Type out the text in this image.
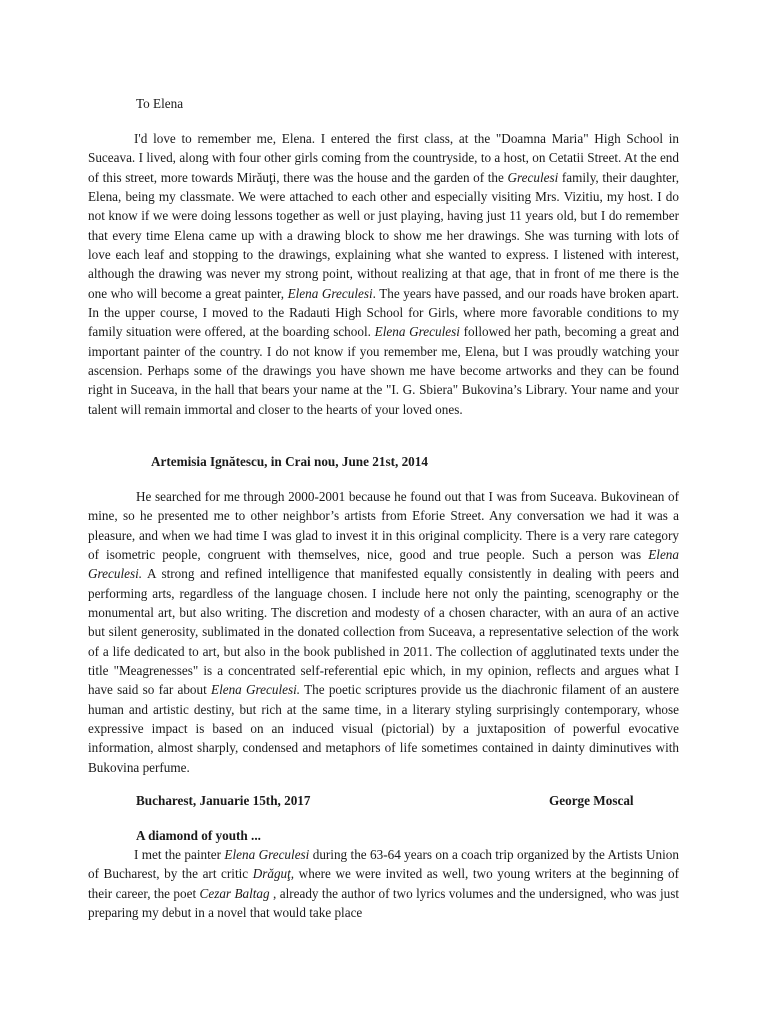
To Elena

I'd love to remember me, Elena. I entered the first class, at the "Doamna Maria" High School in Suceava. I lived, along with four other girls coming from the countryside, to a host, on Cetatii Street. At the end of this street, more towards Mirăuţi, there was the house and the garden of the Greculesi family, their daughter, Elena, being my classmate. We were attached to each other and especially visiting Mrs. Vizitiu, my host. I do not know if we were doing lessons together as well or just playing, having just 11 years old, but I do remember that every time Elena came up with a drawing block to show me her drawings. She was turning with lots of love each leaf and stopping to the drawings, explaining what she wanted to express. I listened with interest, although the drawing was never my strong point, without realizing at that age, that in front of me there is the one who will become a great painter, Elena Greculesi. The years have passed, and our roads have broken apart. In the upper course, I moved to the Radauti High School for Girls, where more favorable conditions to my family situation were offered, at the boarding school. Elena Greculesi followed her path, becoming a great and important painter of the country. I do not know if you remember me, Elena, but I was proudly watching your ascension. Perhaps some of the drawings you have shown me have become artworks and they can be found right in Suceava, in the hall that bears your name at the "I. G. Sbiera" Bukovina’s Library. Your name and your talent will remain immortal and closer to the hearts of your loved ones.

Artemisia Ignătescu, in Crai nou, June 21st, 2014

He searched for me through 2000-2001 because he found out that I was from Suceava. Bukovinean of mine, so he presented me to other neighbor’s artists from Eforie Street. Any conversation we had it was a pleasure, and when we had time I was glad to invest it in this original complicity. There is a very rare category of isometric people, congruent with themselves, nice, good and true people. Such a person was Elena Greculesi. A strong and refined intelligence that manifested equally consistently in dealing with peers and performing arts, regardless of the language chosen. I include here not only the painting, scenography or the monumental art, but also writing. The discretion and modesty of a chosen character, with an aura of an active but silent generosity, sublimated in the donated collection from Suceava, a representative selection of the work of a life dedicated to art, but also in the book published in 2011. The collection of agglutinated texts under the title "Meagrenesses" is a concentrated self-referential epic which, in my opinion, reflects and argues what I have said so far about Elena Greculesi. The poetic scriptures provide us the diachronic filament of an austere human and artistic destiny, but rich at the same time, in a literary styling surprisingly contemporary, whose expressive impact is based on an induced visual (pictorial) by a juxtaposition of powerful evocative information, almost sharply, condensed and metaphors of life sometimes contained in dainty diminutives with Bukovina perfume.

Bucharest, Januarie 15th, 2017	George Moscal
A diamond of youth ...

I met the painter Elena Greculesi during the 63-64 years on a coach trip organized by the Artists Union of Bucharest, by the art critic Drăguţ, where we were invited as well, two young writers at the beginning of their career, the poet Cezar Baltag , already the author of two lyrics volumes and the undersigned, who was just preparing my debut in a novel that would take place
